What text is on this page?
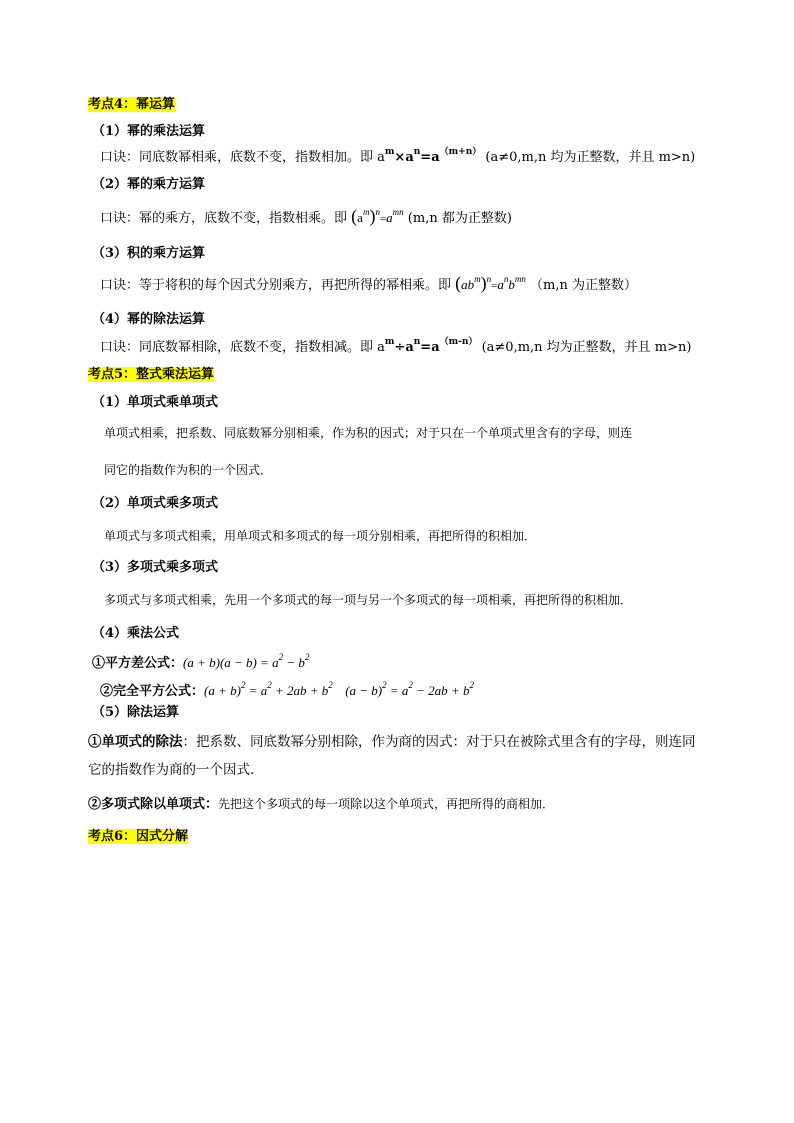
考点4：幂运算
（1）幂的乘法运算
口诀：同底数幂相乘，底数不变，指数相加。即 $a^m\times a^n=a^{(m+n)}$ (a≠0,m,n 均为正整数，并且 m>n)
（2）幂的乘方运算
口诀：幂的乘方，底数不变，指数相乘。即 $(a^m)^n=a^{mn}$ (m,n 都为正整数)
（3）积的乘方运算
口诀：等于将积的每个因式分别乘方，再把所得的幂相乘。即 $(ab^m)^n=a^nb^{mn}$ （m,n 为正整数）
（4）幂的除法运算
口诀：同底数幂相除，底数不变，指数相减。即 $a^m\div a^n=a^{(m-n)}$ (a≠0,m,n 均为正整数，并且 m>n)
考点5：整式乘法运算
（1）单项式乘单项式
单项式相乘，把系数、同底数幂分别相乘，作为积的因式；对于只在一个单项式里含有的字母，则连
同它的指数作为积的一个因式．
（2）单项式乘多项式
单项式与多项式相乘，用单项式和多项式的每一项分别相乘，再把所得的积相加．
（3）多项式乘多项式
多项式与多项式相乘，先用一个多项式的每一项与另一个多项式的每一项相乘，再把所得的积相加．
（4）乘法公式
①平方差公式：$(a + b)(a - b) = a^2 - b^2$
②完全平方公式：$(a + b)^2 = a^2 + 2ab + b^2$ $(a - b)^2 = a^2 - 2ab + b^2$
（5）除法运算
①单项式的除法：把系数、同底数幂分别相除，作为商的因式：对于只在被除式里含有的字母，则连同
它的指数作为商的一个因式．
②多项式除以单项式：先把这个多项式的每一项除以这个单项式，再把所得的商相加．
考点6：因式分解
